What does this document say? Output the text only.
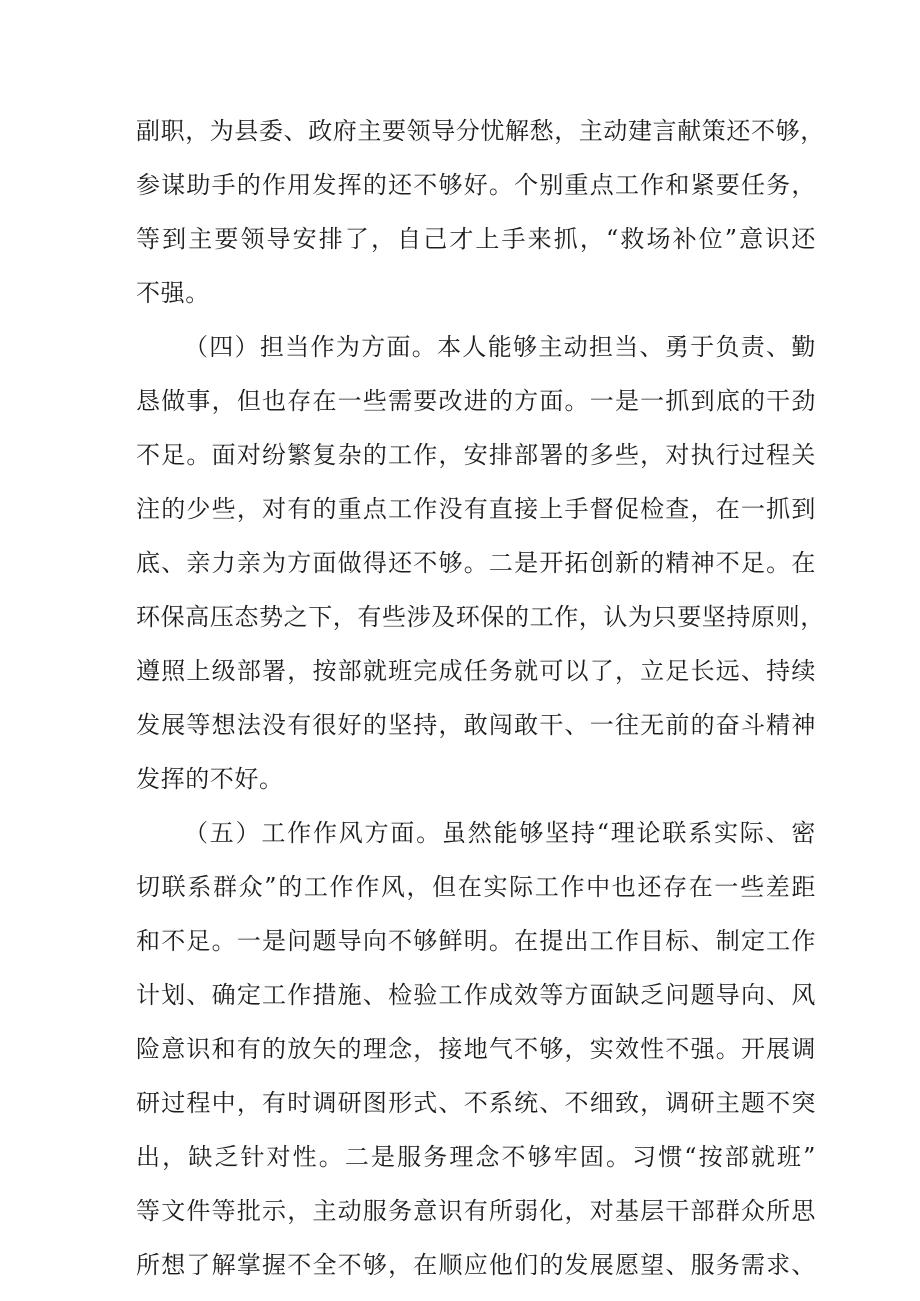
副职，为县委、政府主要领导分忧解愁，主动建言献策还不够，
参谋助手的作用发挥的还不够好。个别重点工作和紧要任务，
等到主要领导安排了，自己才上手来抓，“救场补位”意识还
不强。
（四）担当作为方面。本人能够主动担当、勇于负责、勤
恳做事，但也存在一些需要改进的方面。一是一抓到底的干劲
不足。面对纷繁复杂的工作，安排部署的多些，对执行过程关
注的少些，对有的重点工作没有直接上手督促检查，在一抓到
底、亲力亲为方面做得还不够。二是开拓创新的精神不足。在
环保高压态势之下，有些涉及环保的工作，认为只要坚持原则，
遵照上级部署，按部就班完成任务就可以了，立足长远、持续
发展等想法没有很好的坚持，敢闯敢干、一往无前的奋斗精神
发挥的不好。
（五）工作作风方面。虽然能够坚持“理论联系实际、密
切联系群众”的工作作风，但在实际工作中也还存在一些差距
和不足。一是问题导向不够鲜明。在提出工作目标、制定工作
计划、确定工作措施、检验工作成效等方面缺乏问题导向、风
险意识和有的放矢的理念，接地气不够，实效性不强。开展调
研过程中，有时调研图形式、不系统、不细致，调研主题不突
出，缺乏针对性。二是服务理念不够牢固。习惯“按部就班”
等文件等批示，主动服务意识有所弱化，对基层干部群众所思
所想了解掌握不全不够，在顺应他们的发展愿望、服务需求、
